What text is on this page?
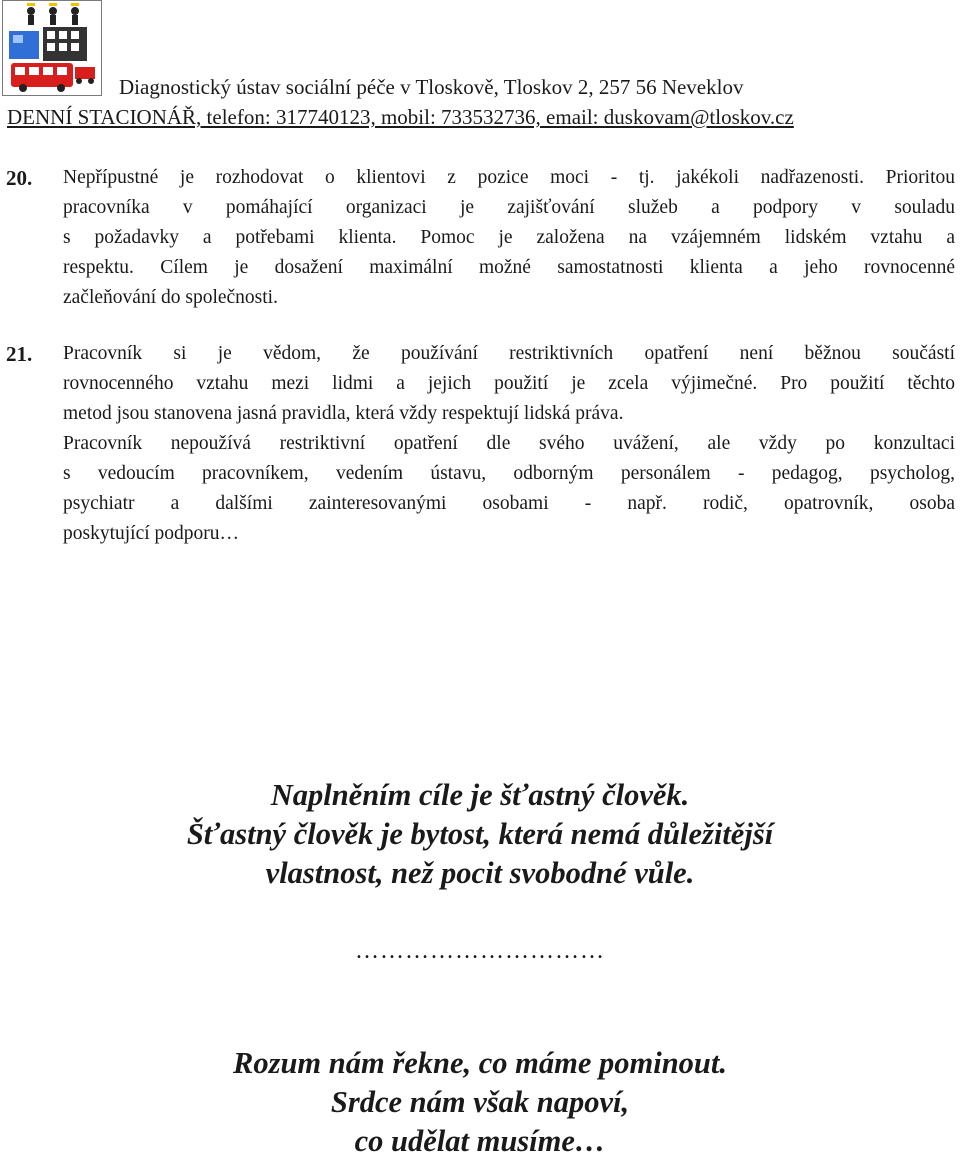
Diagnostický ústav sociální péče v Tloskově, Tloskov 2, 257 56 Neveklov
DENNÍ STACIONÁŘ, telefon: 317740123, mobil: 733532736, email: duskovam@tloskov.cz
20. Nepřípustné je rozhodovat o klientovi z pozice moci - tj. jakékoli nadřazenosti. Prioritou
pracovníka v pomáhající organizaci je zajišťování služeb a podpory v souladu
s požadavky a potřebami klienta. Pomoc je založena na vzájemném lidském vztahu a
respektu. Cílem je dosažení maximální možné samostatnosti klienta a jeho rovnocenné
začleňování do společnosti.
21. Pracovník si je vědom, že používání restriktivních opatření není běžnou součástí
rovnocenného vztahu mezi lidmi a jejich použití je zcela výjimečné. Pro použití těchto
metod jsou stanovena jasná pravidla, která vždy respektují lidská práva.
Pracovník nepoužívá restriktivní opatření dle svého uvážení, ale vždy po konzultaci
s vedoucím pracovníkem, vedením ústavu, odborným personálem - pedagog, psycholog,
psychiatr a dalšími zainteresovanými osobami - např. rodič, opatrovník, osoba
poskytující podporu…
Naplněním cíle je šťastný člověk.
Šťastný člověk je bytost, která nemá důležitější
vlastnost, než pocit svobodné vůle.
…………………………
Rozum nám řekne, co máme pominout.
Srdce nám však napoví,
co udělat musíme…
